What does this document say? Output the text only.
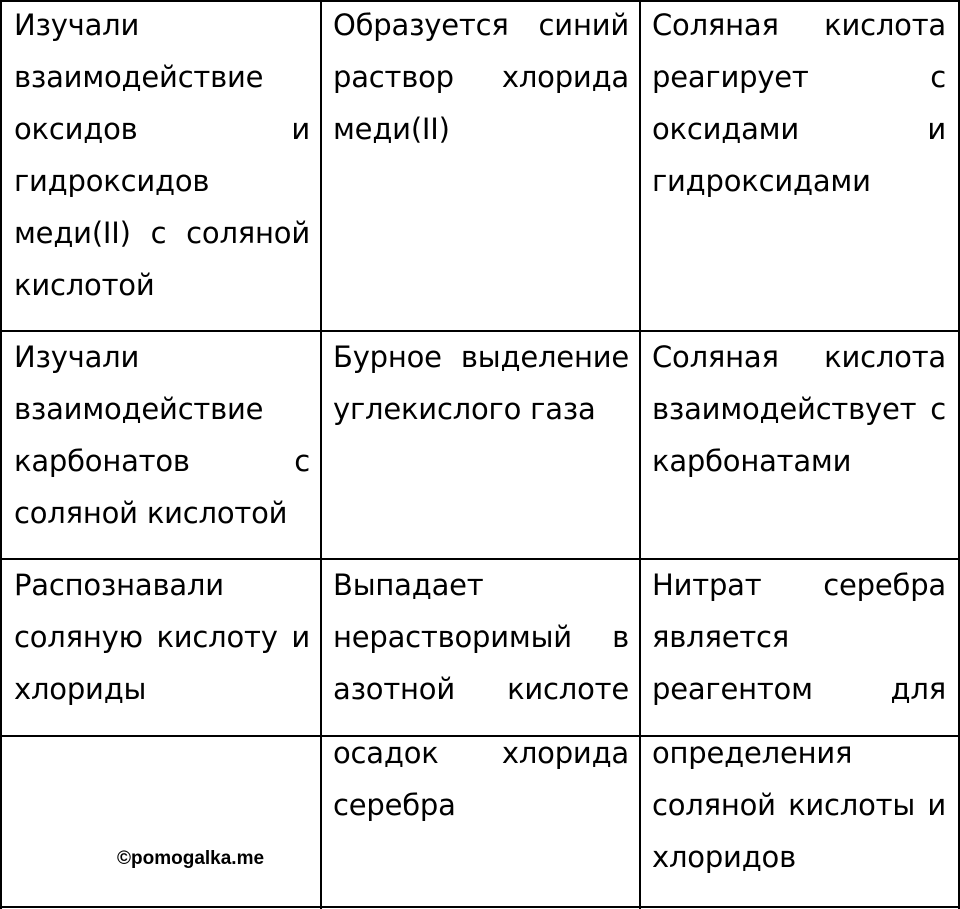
Изучали
взаимодействие
оксидов и
гидроксидов
меди(II) с соляной
кислотой
Образуется синий
раствор хлорида
меди(II)
Соляная кислота
реагирует с
оксидами и
гидроксидами
Изучали
взаимодействие
карбонатов с
соляной кислотой
Бурное выделение
углекислого газа
Соляная кислота
взаимодействует с
карбонатами
Распознавали
соляную кислоту и
хлориды
Выпадает
нерастворимый в
азотной кислоте
Нитрат серебра
является
реагентом для
осадок хлорида
серебра
определения
соляной кислоты и
хлоридов
©pomogalka.me
